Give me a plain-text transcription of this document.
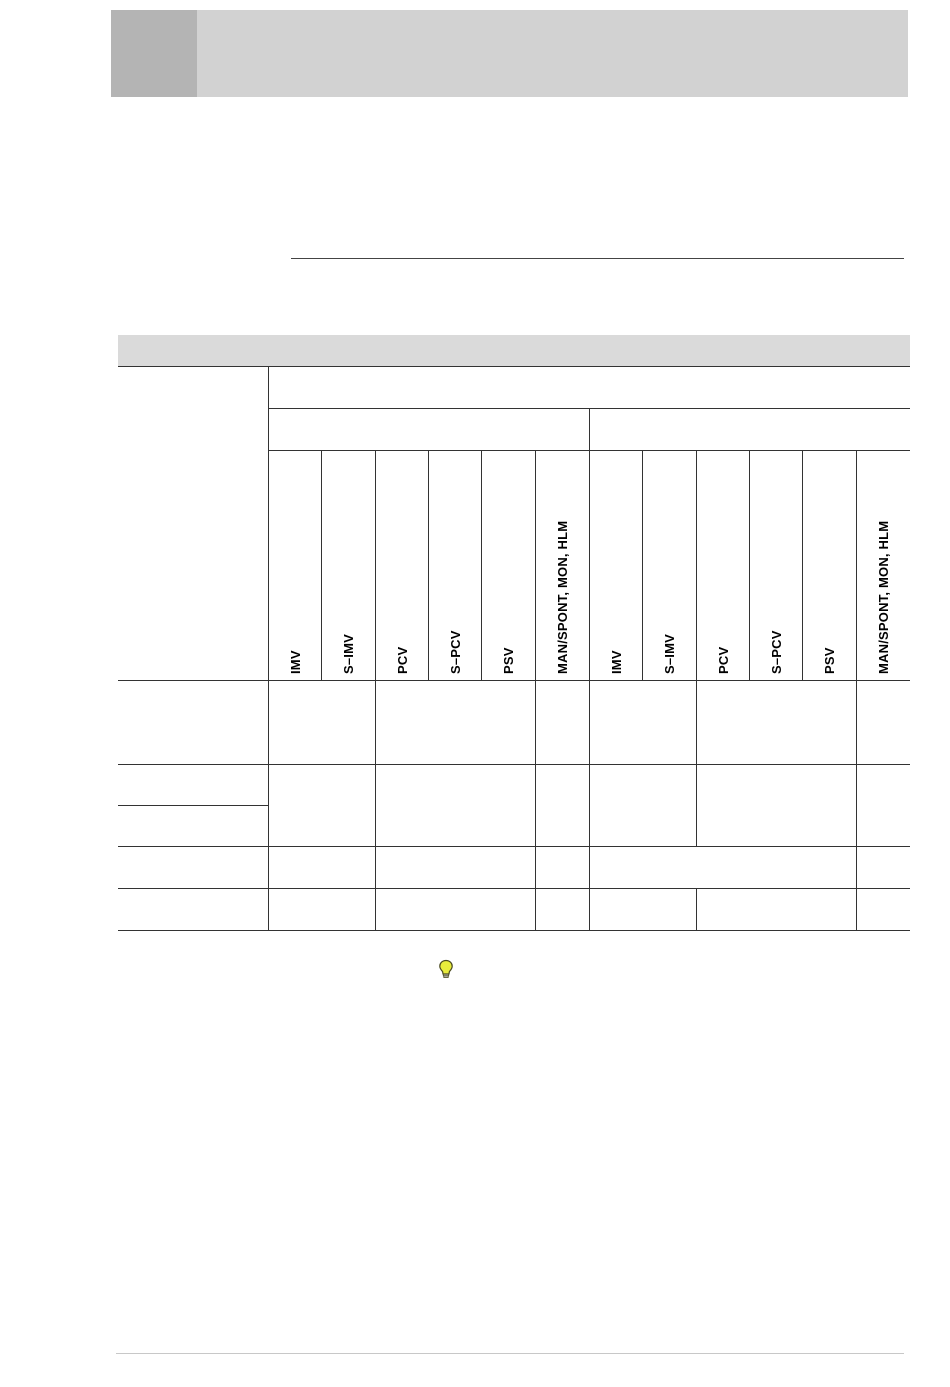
IMV	S–IMV	PCV	S–PCV	PSV	MAN/SPONT, MON, HLM	IMV	S–IMV	PCV	S–PCV	PSV	MAN/SPONT, MON, HLM
